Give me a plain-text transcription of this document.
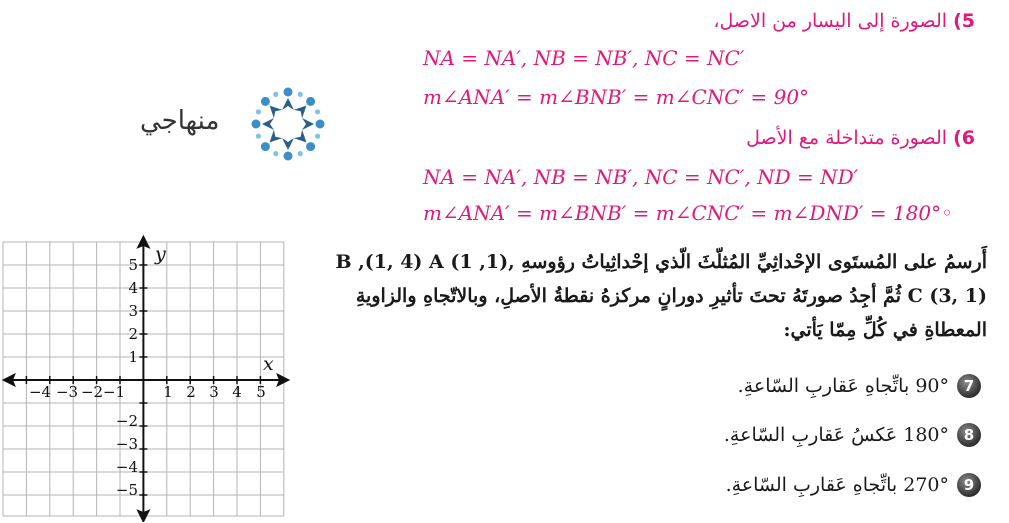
5) الصورة إلى اليسار من الاصل،
NA = NA′, NB = NB′, NC = NC′
m∠ANA′ = m∠BNB′ = m∠CNC′ = 90°
6) الصورة متداخلة مع الأصل
NA = NA′, NB = NB′, NC = NC′, ND = ND′
m∠ANA′ = m∠BNB′ = m∠CNC′ = m∠DND′ = 180°◦
منهاجي
x
y
1 2 3 4 5
−4 −3 −2 −1
5
4
3
2
1
−2
−3
−4
−5
أَرسمُ على المُستَوى الإحْداثِيِّ المُثلّثَ الّذي إحْداثِياتُ رؤوسهِ ,(1, 1) B ,(1, 4) A
C (3, 1) ثُمَّ أجِدُ صورتَهُ تحتَ تأثيرِ دورانٍ مركزهُ نقطةُ الأصلِ، وبالاتّجاهِ والزاويةِ
المعطاةِ في كُلِّ مِمّا يَأتي:
7
90° باتِّجاهِ عَقاربِ السّاعةِ.
8
180° عَكسُ عَقاربِ السّاعةِ.
9
270° باتِّجاهِ عَقاربِ السّاعةِ.
